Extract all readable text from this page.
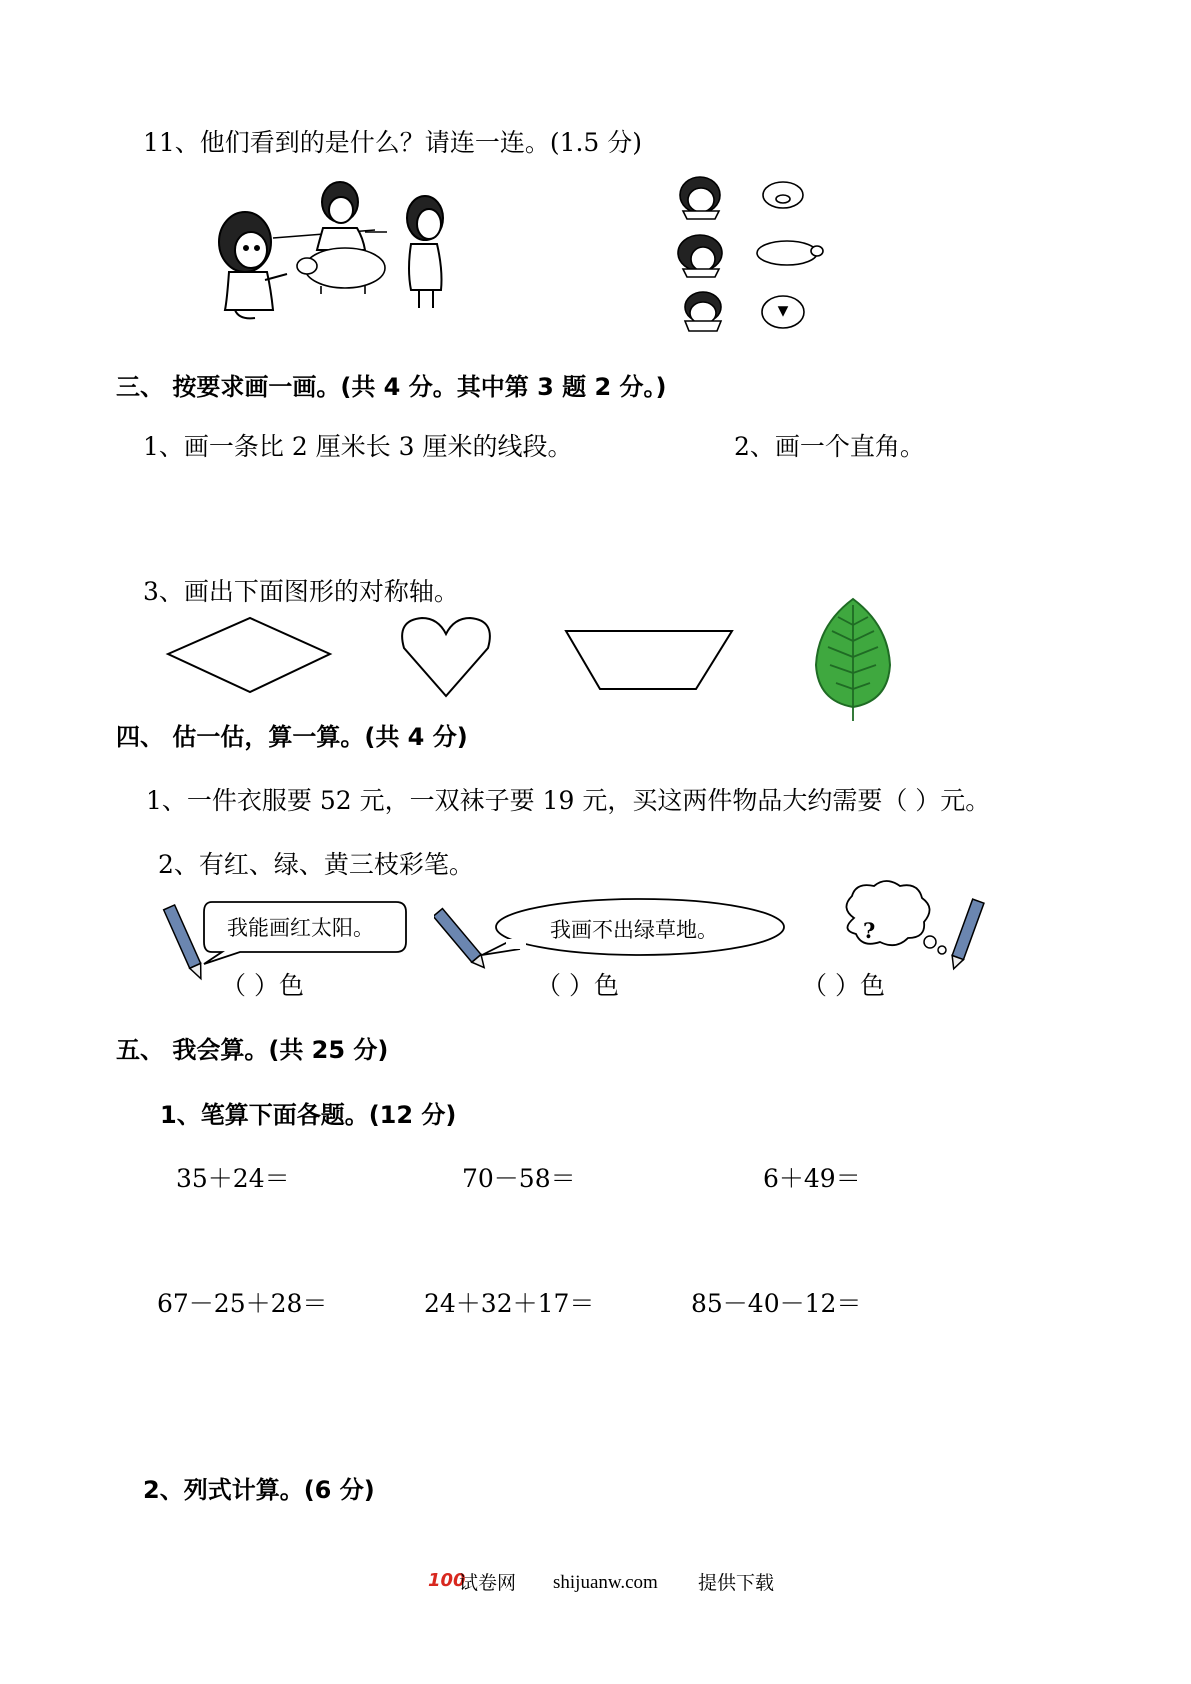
11、他们看到的是什么？请连一连。(1.5 分)
三、 按要求画一画。(共 4 分。其中第 3 题 2 分。)
1、画一条比 2 厘米长 3 厘米的线段。	2、画一个直角。
3、画出下面图形的对称轴。
四、 估一估，算一算。(共 4 分)
1、一件衣服要 52 元，一双袜子要 19 元，买这两件物品大约需要（ ）元。
2、有红、绿、黄三枝彩笔。
我能画红太阳。	我画不出绿草地。	?
（ ）色	（ ）色	（ ）色
五、 我会算。(共 25 分)
1、笔算下面各题。(12 分)
35＋24＝	70－58＝	6＋49＝
67－25＋28＝	24＋32＋17＝	85－40－12＝
2、列式计算。(6 分)
100
试卷网 shijuanw.com 提供下载
